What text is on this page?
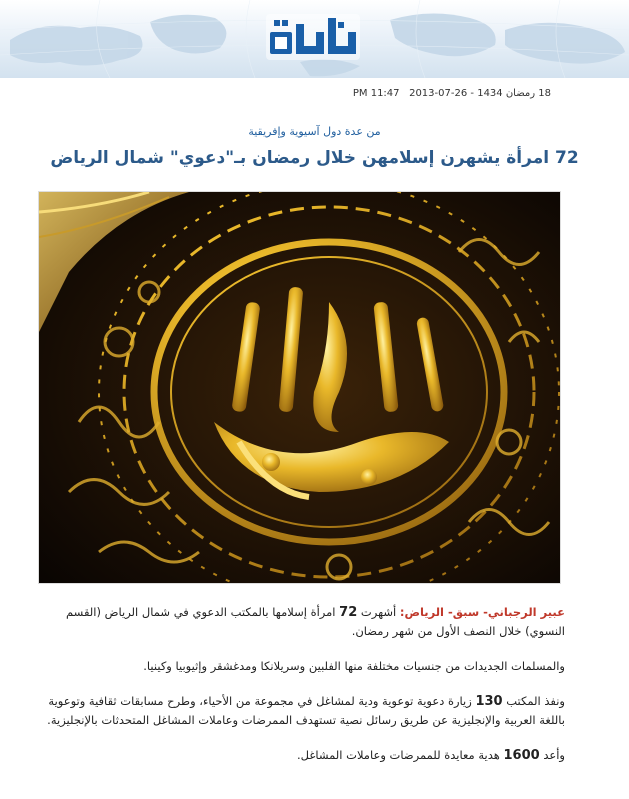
18 رمضان 1434 - 26-07-2013   PM 11:47
من عدة دول آسيوية وإفريقية
72 امرأة يشهرن إسلامهن خلال رمضان بـ"دعوي" شمال الرياض

عبير الرجباني- سبق- الرياض: أشهرت 72 امرأة إسلامها بالمكتب الدعوي في شمال الرياض (القسم النسوي) خلال النصف الأول من شهر رمضان.

والمسلمات الجديدات من جنسيات مختلفة منها الفلبين وسريلانكا ومدغشقر وإثيوبيا وكينيا.

ونفذ المكتب 130 زيارة دعوية توعوية ودية لمشاغل في مجموعة من الأحياء، وطرح مسابقات ثقافية وتوعوية باللغة العربية والإنجليزية عن طريق رسائل نصية تستهدف الممرضات وعاملات المشاغل المتحدثات بالإنجليزية.

وأعد 1600 هدية معايدة للممرضات وعاملات المشاغل.
